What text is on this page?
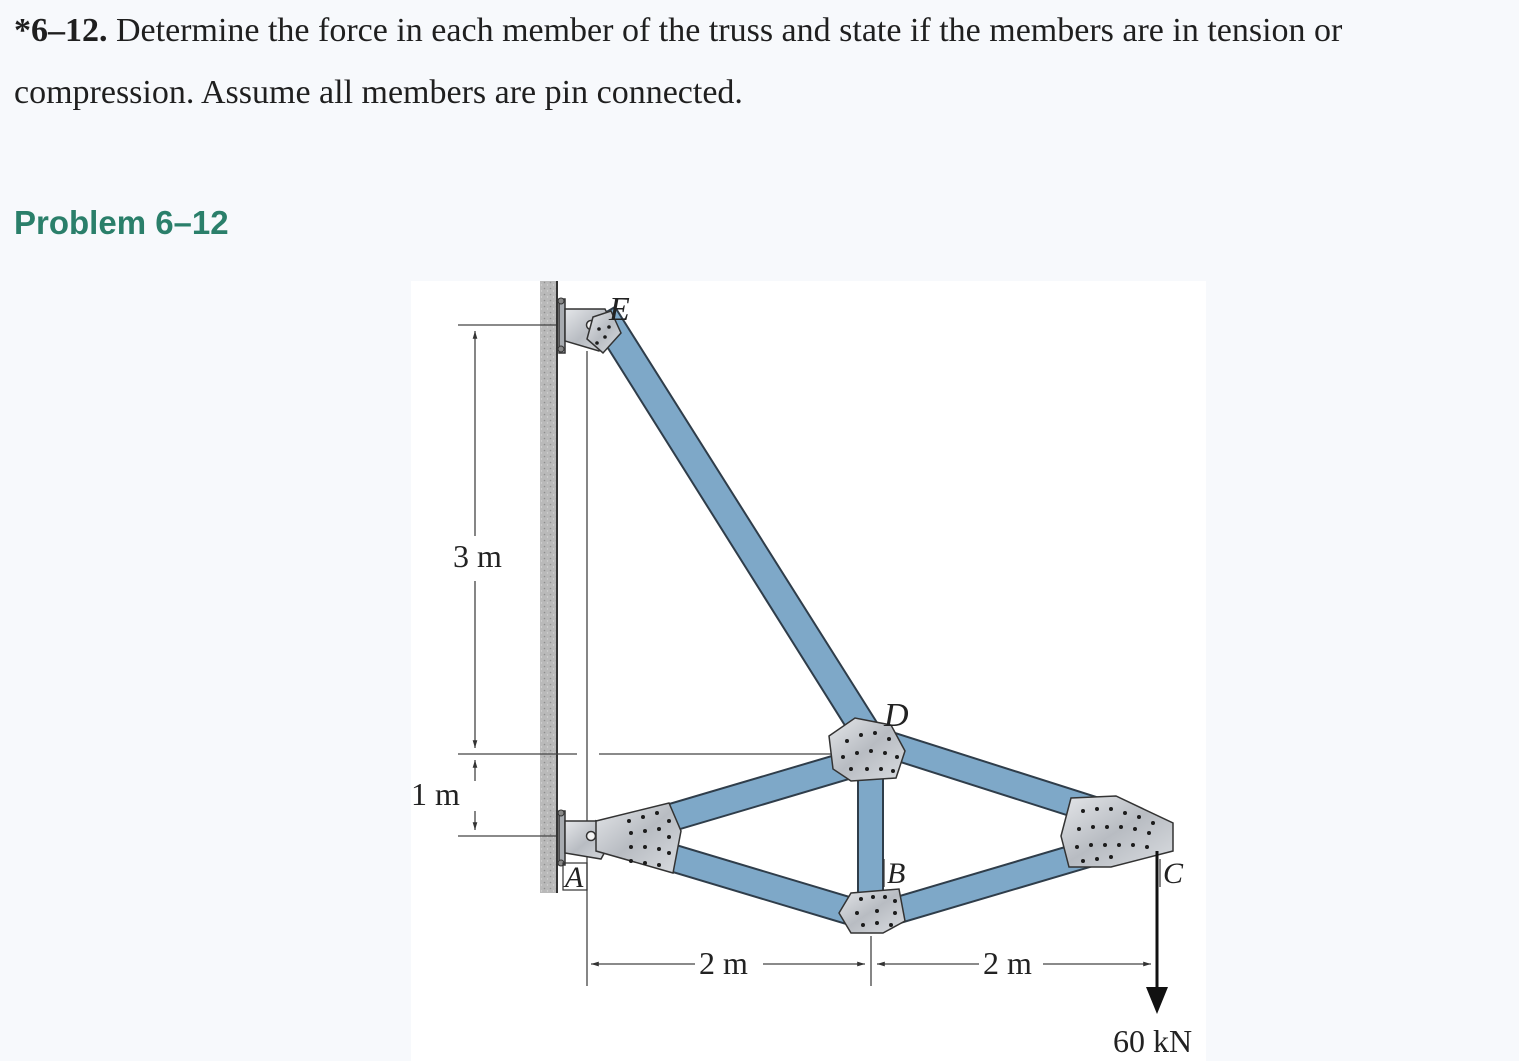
*6–12. Determine the force in each member of the truss and state if the members are in tension or compression. Assume all members are pin connected.

Problem 6–12
E
D
A	B	C
3 m
1 m
2 m	2 m
60 kN
